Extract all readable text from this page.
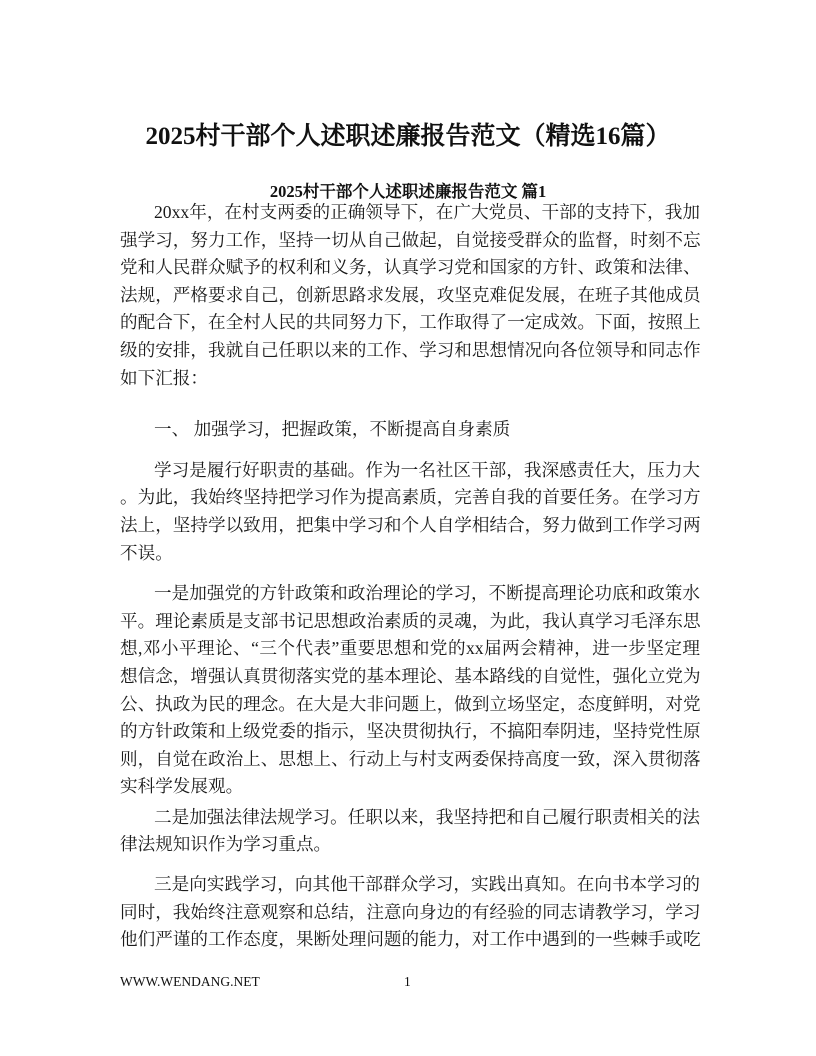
2025村干部个人述职述廉报告范文（精选16篇）
2025村干部个人述职述廉报告范文 篇1
20xx年，在村支两委的正确领导下，在广大党员、干部的支持下，我加
强学习，努力工作，坚持一切从自己做起，自觉接受群众的监督，时刻不忘
党和人民群众赋予的权利和义务，认真学习党和国家的方针、政策和法律、
法规，严格要求自己，创新思路求发展，攻坚克难促发展，在班子其他成员
的配合下，在全村人民的共同努力下，工作取得了一定成效。下面，按照上
级的安排，我就自己任职以来的工作、学习和思想情况向各位领导和同志作
如下汇报：
一、 加强学习，把握政策，不断提高自身素质
学习是履行好职责的基础。作为一名社区干部，我深感责任大，压力大
。为此，我始终坚持把学习作为提高素质，完善自我的首要任务。在学习方
法上，坚持学以致用，把集中学习和个人自学相结合，努力做到工作学习两
不误。
一是加强党的方针政策和政治理论的学习，不断提高理论功底和政策水
平。理论素质是支部书记思想政治素质的灵魂，为此，我认真学习毛泽东思
想,邓小平理论、“三个代表”重要思想和党的xx届两会精神，进一步坚定理
想信念，增强认真贯彻落实党的基本理论、基本路线的自觉性，强化立党为
公、执政为民的理念。在大是大非问题上，做到立场坚定，态度鲜明，对党
的方针政策和上级党委的指示，坚决贯彻执行，不搞阳奉阴违，坚持党性原
则，自觉在政治上、思想上、行动上与村支两委保持高度一致，深入贯彻落
实科学发展观。
二是加强法律法规学习。任职以来，我坚持把和自己履行职责相关的法
律法规知识作为学习重点。
三是向实践学习，向其他干部群众学习，实践出真知。在向书本学习的
同时，我始终注意观察和总结，注意向身边的有经验的同志请教学习，学习
他们严谨的工作态度，果断处理问题的能力，对工作中遇到的一些棘手或吃
WWW.WENDANG.NET	1
